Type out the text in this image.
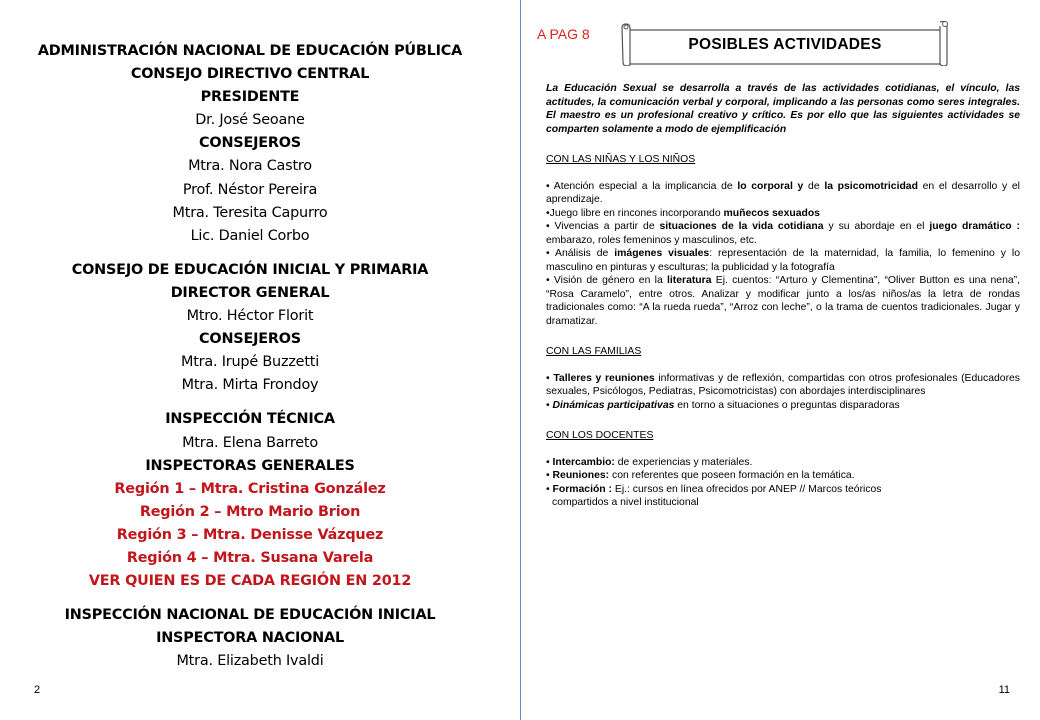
ADMINISTRACIÓN NACIONAL DE EDUCACIÓN PÚBLICA
CONSEJO DIRECTIVO CENTRAL
PRESIDENTE
Dr. José Seoane
CONSEJEROS
Mtra. Nora Castro
Prof. Néstor Pereira
Mtra. Teresita Capurro
Lic. Daniel Corbo
CONSEJO DE EDUCACIÓN INICIAL Y PRIMARIA
DIRECTOR GENERAL
Mtro. Héctor Florit
CONSEJEROS
Mtra. Irupé Buzzetti
Mtra. Mirta Frondoy
INSPECCIÓN TÉCNICA
Mtra. Elena Barreto
INSPECTORAS GENERALES
Región 1 – Mtra. Cristina González
Región 2 – Mtro Mario Brion
Región 3 – Mtra. Denisse Vázquez
Región 4 – Mtra. Susana Varela
VER QUIEN ES DE CADA REGIÓN EN 2012
INSPECCIÓN NACIONAL DE EDUCACIÓN INICIAL
INSPECTORA NACIONAL
Mtra. Elizabeth Ivaldi
2
A PAG 8
POSIBLES ACTIVIDADES
La Educación Sexual se desarrolla a través de las actividades cotidianas, el vínculo, las actitudes, la comunicación verbal y corporal, implicando a las personas como seres integrales. El maestro es un profesional creativo y crítico. Es por ello que las siguientes actividades se comparten solamente a modo de ejemplificación
CON LAS NIÑAS Y LOS NIÑOS
• Atención especial a la implicancia de lo corporal y de la psicomotricidad en el desarrollo y el aprendizaje.
•Juego libre en rincones incorporando muñecos sexuados
• Vivencias a partir de situaciones de la vida cotidiana y su abordaje en el juego dramático : embarazo, roles femeninos y masculinos, etc.
• Análisis de imágenes visuales: representación de la maternidad, la familia, lo femenino y lo masculino en pinturas y esculturas; la publicidad y la fotografía
• Visión de género en la literatura Ej. cuentos: “Arturo y Clementina”, “Oliver Button es una nena”, “Rosa Caramelo”, entre otros. Analizar y modificar junto a los/as niños/as la letra de rondas tradicionales como: “A la rueda rueda”, “Arroz con leche”, o la trama de cuentos tradicionales. Jugar y dramatizar.
CON LAS FAMILIAS
• Talleres y reuniones informativas y de reflexión, compartidas con otros profesionales (Educadores sexuales, Psicólogos, Pediatras, Psicomotricistas) con abordajes interdisciplinares
• Dinámicas participativas en torno a situaciones o preguntas disparadoras
CON LOS DOCENTES
• Intercambio: de experiencias y materiales.
• Reuniones: con referentes que poseen formación en la temática.
• Formación : Ej.: cursos en línea ofrecidos por ANEP // Marcos teóricos
compartidos a nivel institucional
11
